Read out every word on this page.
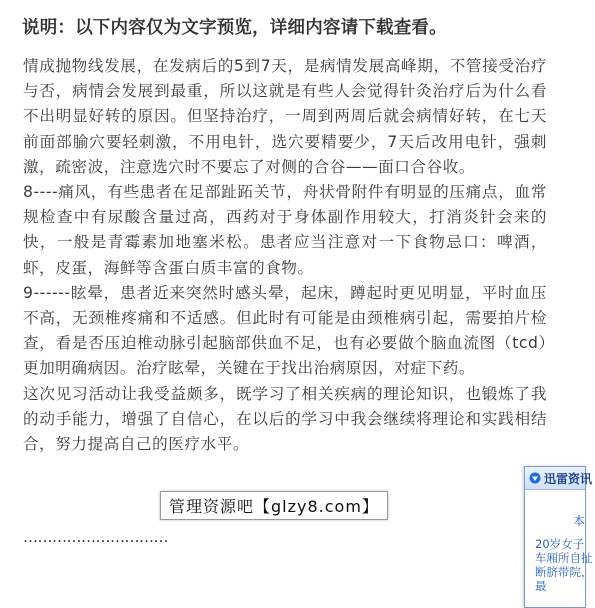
说明：以下内容仅为文字预览，详细内容请下载查看。

情成抛物线发展，在发病后的5到7天，是病情发展高峰期，不管接受治疗与否，病情会发展到最重，所以这就是有些人会觉得针灸治疗后为什么看不出明显好转的原因。但坚持治疗，一周到两周后就会病情好转，在七天前面部腧穴要轻刺激，不用电针，选穴要精要少，7天后改用电针，强刺激，疏密波，注意选穴时不要忘了对侧的合谷——面口合谷收。

8----痛风，有些患者在足部趾跖关节，舟状骨附件有明显的压痛点，血常规检查中有尿酸含量过高，西药对于身体副作用较大，打消炎针会来的快，一般是青霉素加地塞米松。患者应当注意对一下食物忌口：啤酒，虾，皮蛋，海鲜等含蛋白质丰富的食物。

9------眩晕，患者近来突然时感头晕，起床，蹲起时更见明显，平时血压不高，无颈椎疼痛和不适感。但此时有可能是由颈椎病引起，需要拍片检查，看是否压迫椎动脉引起脑部供血不足，也有必要做个脑血流图（tcd）更加明确病因。治疗眩晕，关键在于找出治病原因，对症下药。

这次见习活动让我受益颇多，既学习了相关疾病的理论知识，也锻炼了我的动手能力，增强了自信心，在以后的学习中我会继续将理论和实践相结合，努力提高自己的医疗水平。

…………………………
管理资源吧【glzy8.com】
迅雷资讯
本
20岁女子车厢所自扯断脐带院，最
